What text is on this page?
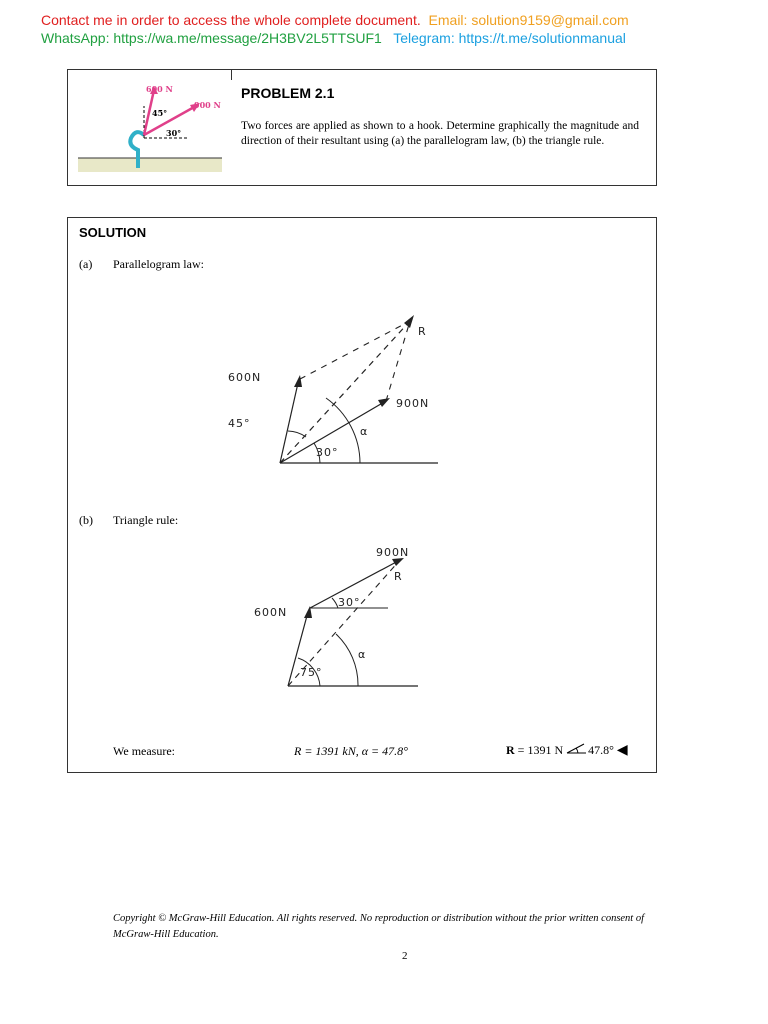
Contact me in order to access the whole complete document. Email: solution9159@gmail.com
WhatsApp: https://wa.me/message/2H3BV2L5TTSUF1 Telegram: https://t.me/solutionmanual
600 N
900 N
45°
30°
PROBLEM 2.1
Two forces are applied as shown to a hook. Determine graphically the magnitude and direction of their resultant using (a) the parallelogram law, (b) the triangle rule.
SOLUTION
(a) Parallelogram law:
600N
900N
R
45°
30°
α
(b) Triangle rule:
600N
900N
R
30°
75°
α
We measure:	R = 1391 kN, α = 47.8°	R = 1391 N 47.8° ◀
Copyright © McGraw-Hill Education. All rights reserved. No reproduction or distribution without the prior written consent of McGraw-Hill Education.
2
